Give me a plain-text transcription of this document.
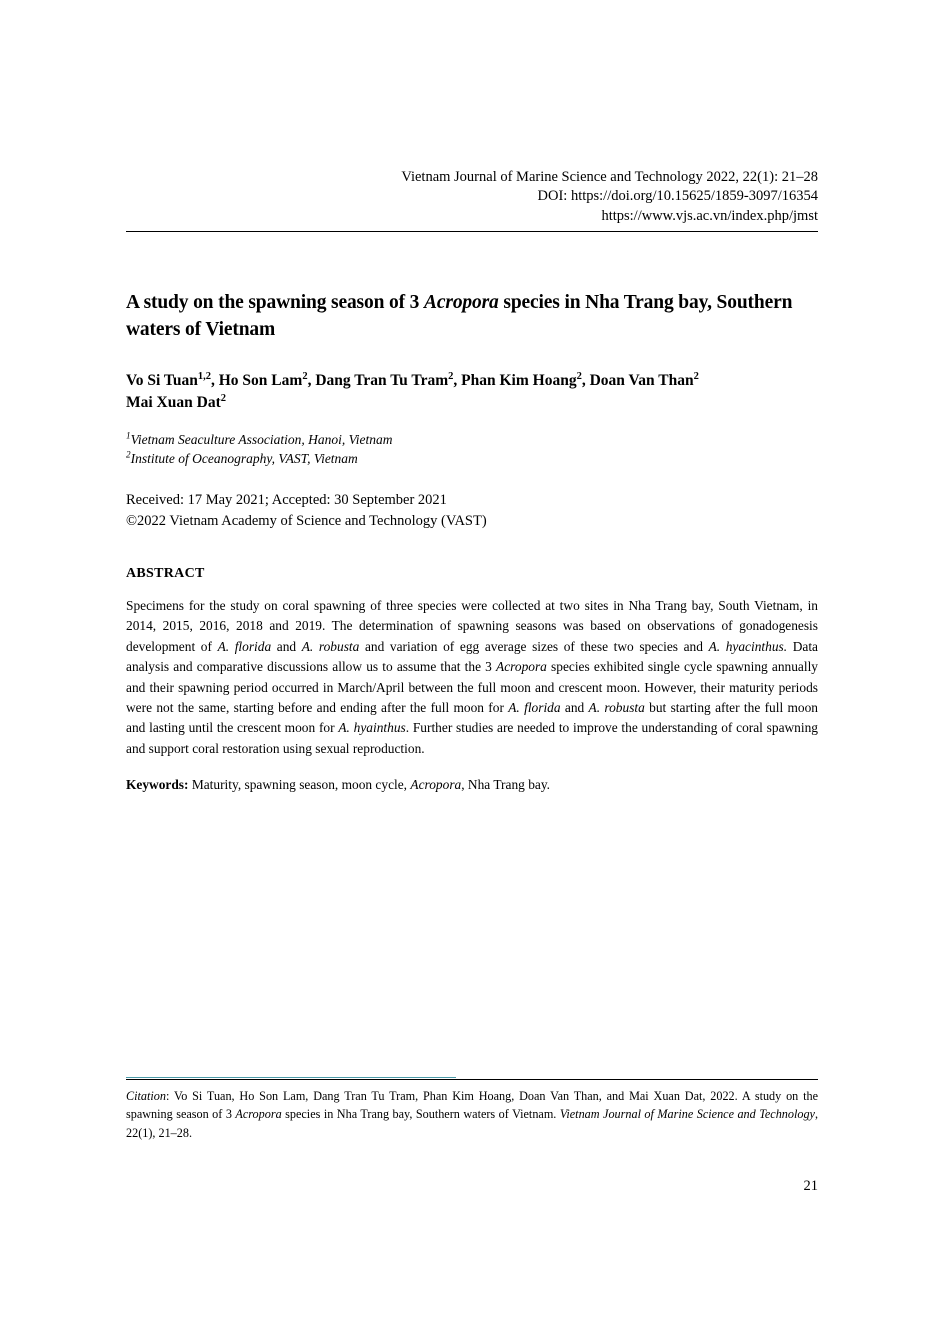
Vietnam Journal of Marine Science and Technology 2022, 22(1): 21–28
DOI: https://doi.org/10.15625/1859-3097/16354
https://www.vjs.ac.vn/index.php/jmst
A study on the spawning season of 3 Acropora species in Nha Trang bay, Southern waters of Vietnam
Vo Si Tuan$^{1,2}$, Ho Son Lam$^2$, Dang Tran Tu Tram$^2$, Phan Kim Hoang$^2$, Doan Van Than$^2$
Mai Xuan Dat$^2$
$^1$Vietnam Seaculture Association, Hanoi, Vietnam
$^2$Institute of Oceanography, VAST, Vietnam
Received: 17 May 2021; Accepted: 30 September 2021
©2022 Vietnam Academy of Science and Technology (VAST)
ABSTRACT
Specimens for the study on coral spawning of three species were collected at two sites in Nha Trang bay, South Vietnam, in 2014, 2015, 2016, 2018 and 2019. The determination of spawning seasons was based on observations of gonadogenesis development of A. florida and A. robusta and variation of egg average sizes of these two species and A. hyacinthus. Data analysis and comparative discussions allow us to assume that the 3 Acropora species exhibited single cycle spawning annually and their spawning period occurred in March/April between the full moon and crescent moon. However, their maturity periods were not the same, starting before and ending after the full moon for A. florida and A. robusta but starting after the full moon and lasting until the crescent moon for A. hyainthus. Further studies are needed to improve the understanding of coral spawning and support coral restoration using sexual reproduction.
Keywords: Maturity, spawning season, moon cycle, Acropora, Nha Trang bay.
Citation: Vo Si Tuan, Ho Son Lam, Dang Tran Tu Tram, Phan Kim Hoang, Doan Van Than, and Mai Xuan Dat, 2022. A study on the spawning season of 3 Acropora species in Nha Trang bay, Southern waters of Vietnam. Vietnam Journal of Marine Science and Technology, 22(1), 21–28.
21
